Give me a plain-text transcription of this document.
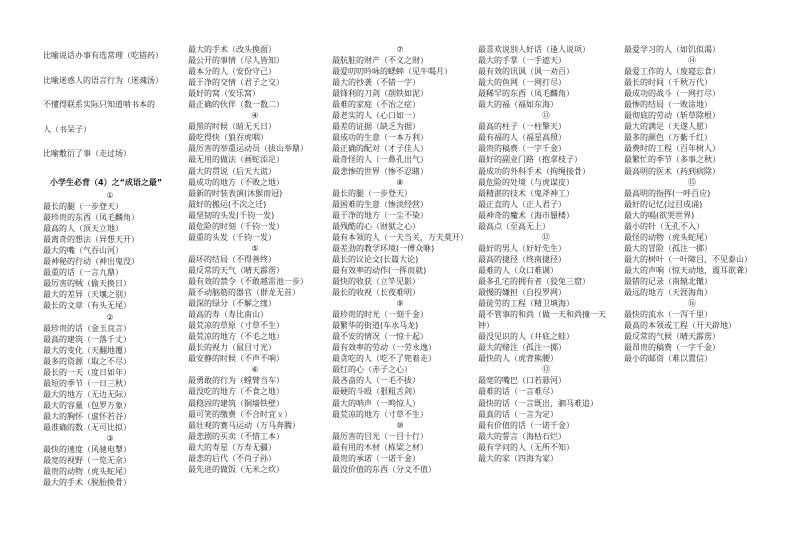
比喻说话办事有选常理（吃错药）
比喻迷惑人的语言行为（迷魂汤）
不懂得联系实际只知道啃书本的
人（书呆子）
比喻敷衍了事（走过场）
小学生必背（4）之“成语之最”
①
最长的腿（一步登天）
最珍贵的东西（凤毛麟角）
最高的人（顶天立地）
最离奇的想法（异想天开）
最大的嘴（气吞山河）
最神秘的行动（神出鬼没）
最重的话（一言九鼎）
最厉害的贼（偷天换日）
最大的差异（天壤之别）
最长的文章（有头无尾）
②
最珍贵的话（金玉良言）
最高的建筑（一落千丈）
最大的变化（天翻地覆）
最多的资源（取之不尽）
最长的一天（度日如年）
最短的季节（一日三秋）
最大的地方（无边无际）
最大的容量（包罗万象）
最大的胸怀（虚怀若谷）
最准确的数（无可比拟）
③
最快的速度（风驰电掣）
最宽的视野（一览无余）
最贵的动物（虎头蛇尾）
最大的手术（脱胎换骨）
最大的手术（改头换面）
最公开的事情（尽人皆知）
最本分的人（安份守己）
最干净的交情（君子之交）
最好的窝（安乐窝）
最正确的伙伴（数一数二）
④
最黑的时候（暗无天日）
最吃得快（狼吞虎咽）
最厉害的举重运动员（拔山举鼎）
最无用的做法（画蛇添足）
最大的贯说（后天大谎）
最成功的地方（不败之地）
最新的时装表演(沐猴而冠)
最好的搬运(不次之迁)
最坚韧的头发(千钧一发)
最危险的时刻（千钧一发）
最重的头发（千钧一发）
⑤
最坏的结局（不得善终）
最反常的天气（晴天霹雳）
最有效的禁令（不敢越雷池一步）
最不动脑筋的器官（群龙无首）
最深的绿分（不解之缘）
最高的寿（寿比南山）
最荒凉的草原（寸草不生）
最荒凉的地方（不毛之地）
最长的视力（鼠目寸光）
最安静的时候（不声不响）
⑥
最勇敢的行为（螳臂当车）
最没吃的地方（不食之地）
最稳固的建筑（铜墙铁壁）
最可笑的缴费（不合时宜ㄆ）
最壮观的赛马运动（万马奔腾）
最悲剧的买卖（不惜工本）
最大的寿星（万寿无疆）
最悲的后代（不肖子孙）
最先进的做饭（无米之炊）
⑦
最肮脏的财产（不义之财）
最爱叨叨吟咏的蟋蟀（见牛喝月）
最大的抄袭（不错一字）
最锋利的刀剑（削铁如泥）
最难的家庭（不治之症）
最老实的人（心口如一）
最差的证据（缺乏为据）
最成功的生意（一本万利）
最正确的配对（才子佳人）
最奇怪的人（一鼻孔出气）
最悲惨的世界（惨不忍睹）
⑧
最长的腿（一步登天）
最困难的生意（惨淡经营）
最干净的地方（一尘不染）
最残酷的心（财狱之心）
最有本领的人（一夫当关，万夫莫开）
最差劲的教学环境(一傅众咻)
最长的议论文(长篇大论)
最有效率的动作(一挥而就)
最快的收获（立竿见影）
最长的收视（长夜难明）
⑨
最珍贵的时光（一刻千金）
最繁华的街道(车水马龙)
最不安的情况（一惊十起）
最有效率的劳动（一劳永逸）
最贪吃的人（吃不了兜着走）
最红的心（赤子之心）
最吝啬的人（一毛不拔）
最硬的斗殴（狠粗舌剑）
最大的呐声（一鸣惊人）
最荒凉的地方（寸草不生）
⑩
最厉害的目光（一目十行）
最有用的木材（栋梁之材）
最贵的承诺（一诺千金）
最没价值的东西（分文不值）
最喜欢说别人好话（逢人说项）
最大的手掌（一手遮天）
最有效的讯讽（讽一劝百）
最大的鱼网（一网打尽）
最稀罕的东西（凤毛麟角）
最大的福（福如东海）
⑪
最高的柱子（一柱擎天）
最有福的人（福星高照）
最贵的稿费（一字千金）
最好的副业门路（抱拿枝子）
最成功的外科手术（拘绳接骨）
最危险的处境（与虎谋皮）
最精湛的技术（鬼斧神工）
最正直的人（正人君子）
最神奇的魔术（海市蜃楼）
最高点（至高无上）
⑫
最好的男人（好好先生）
最高的捷径（终南捷径）
最难的人（众口难调）
最多孔宅的拥有者（狡兔三窟）
最慢的嫌担（自投罗网）
最徒劳的工程（精卫填海）
最不管事的和尚（做一天和尚撞一天
钟）
最没见识的人（井底之蛙）
最大的赌注（孤注一掷）
最快的人（虎背熊腰）
⑬
最宽的嘴巴（口若悬河）
最难的话（一言难尽）
最快的话（一言既出，驷马难追）
最真的话（一言为定）
最有价值的话（一诺千金）
最大的誓言（海枯石烂）
最有学问的人（无所不知）
最大的家（四海为家）
最爱学习的人（如饥似渴）
⑭
最爱工作的人（废寝忘食）
最长的时间（千秋万代）
最成功的战斗（一网打尽）
最惨的结局（一败涂地）
最彻底的劳动（斩草除根）
最大的满足（天遂人愿）
最多的颜色（万紫千红）
最费时的工程（百年树人）
最繁忙的季节（多事之秋）
最高明的医术（药到病除）
⑮
最高明的指挥(一呼百应)
最好的记忆(过目成诵)
最大的嗝(欲哭世界)
最小的针（无孔不入）
最怪的动物（虎头蛇尾）
最大的冒险（孤注一掷）
最大的树叶（一叶障目，不见泰山）
最大的声响（惊天动地，震耳欲聋）
最错的记录（南辕北辙）
最远的地方（天涯海角）
⑯
最快的流水（一泻千里）
最高的本领或工程（开天辟地）
最反常的气候（晴天霹雳）
最昂贵的稿费（一字千金）
最小的邮资（难以置信）
